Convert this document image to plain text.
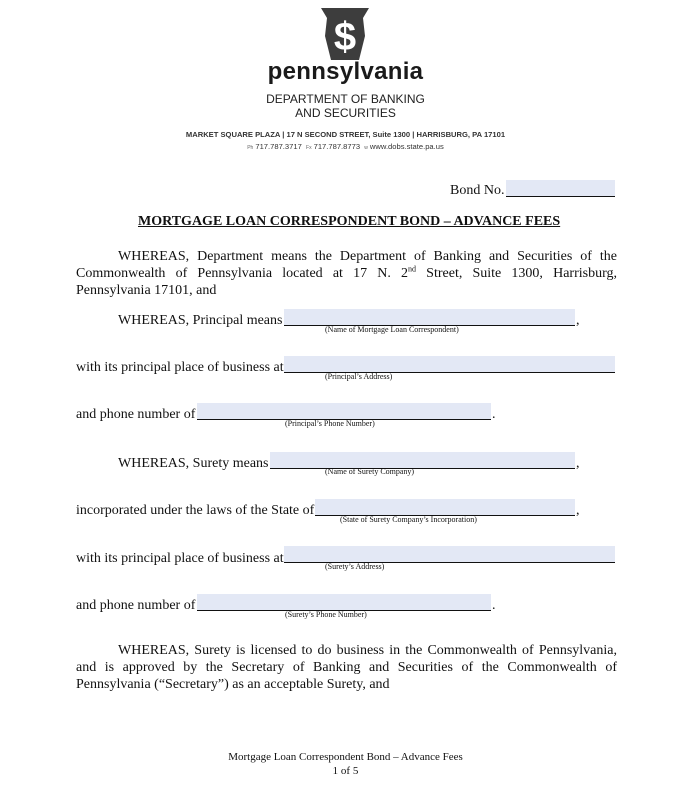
$
pennsylvania
DEPARTMENT OF BANKING
AND SECURITIES
MARKET SQUARE PLAZA | 17 N SECOND STREET, Suite 1300 | HARRISBURG, PA 17101
Ph 717.787.3717 Fx 717.787.8773 w www.dobs.state.pa.us
Bond No.
MORTGAGE LOAN CORRESPONDENT BOND – ADVANCE FEES
WHEREAS, Department means the Department of Banking and Securities of the
Commonwealth of Pennsylvania located at 17 N. 2nd Street, Suite 1300, Harrisburg,
Pennsylvania 17101, and
WHEREAS, Principal means	,
(Name of Mortgage Loan Correspondent)
with its principal place of business at
(Principal’s Address)
and phone number of	.
(Principal’s Phone Number)
WHEREAS, Surety means	,
(Name of Surety Company)
incorporated under the laws of the State of	,
(State of Surety Company’s Incorporation)
with its principal place of business at
(Surety’s Address)
and phone number of	.
(Surety’s Phone Number)
WHEREAS, Surety is licensed to do business in the Commonwealth of Pennsylvania,
and is approved by the Secretary of Banking and Securities of the Commonwealth of
Pennsylvania (“Secretary”) as an acceptable Surety, and
Mortgage Loan Correspondent Bond – Advance Fees
1 of 5
